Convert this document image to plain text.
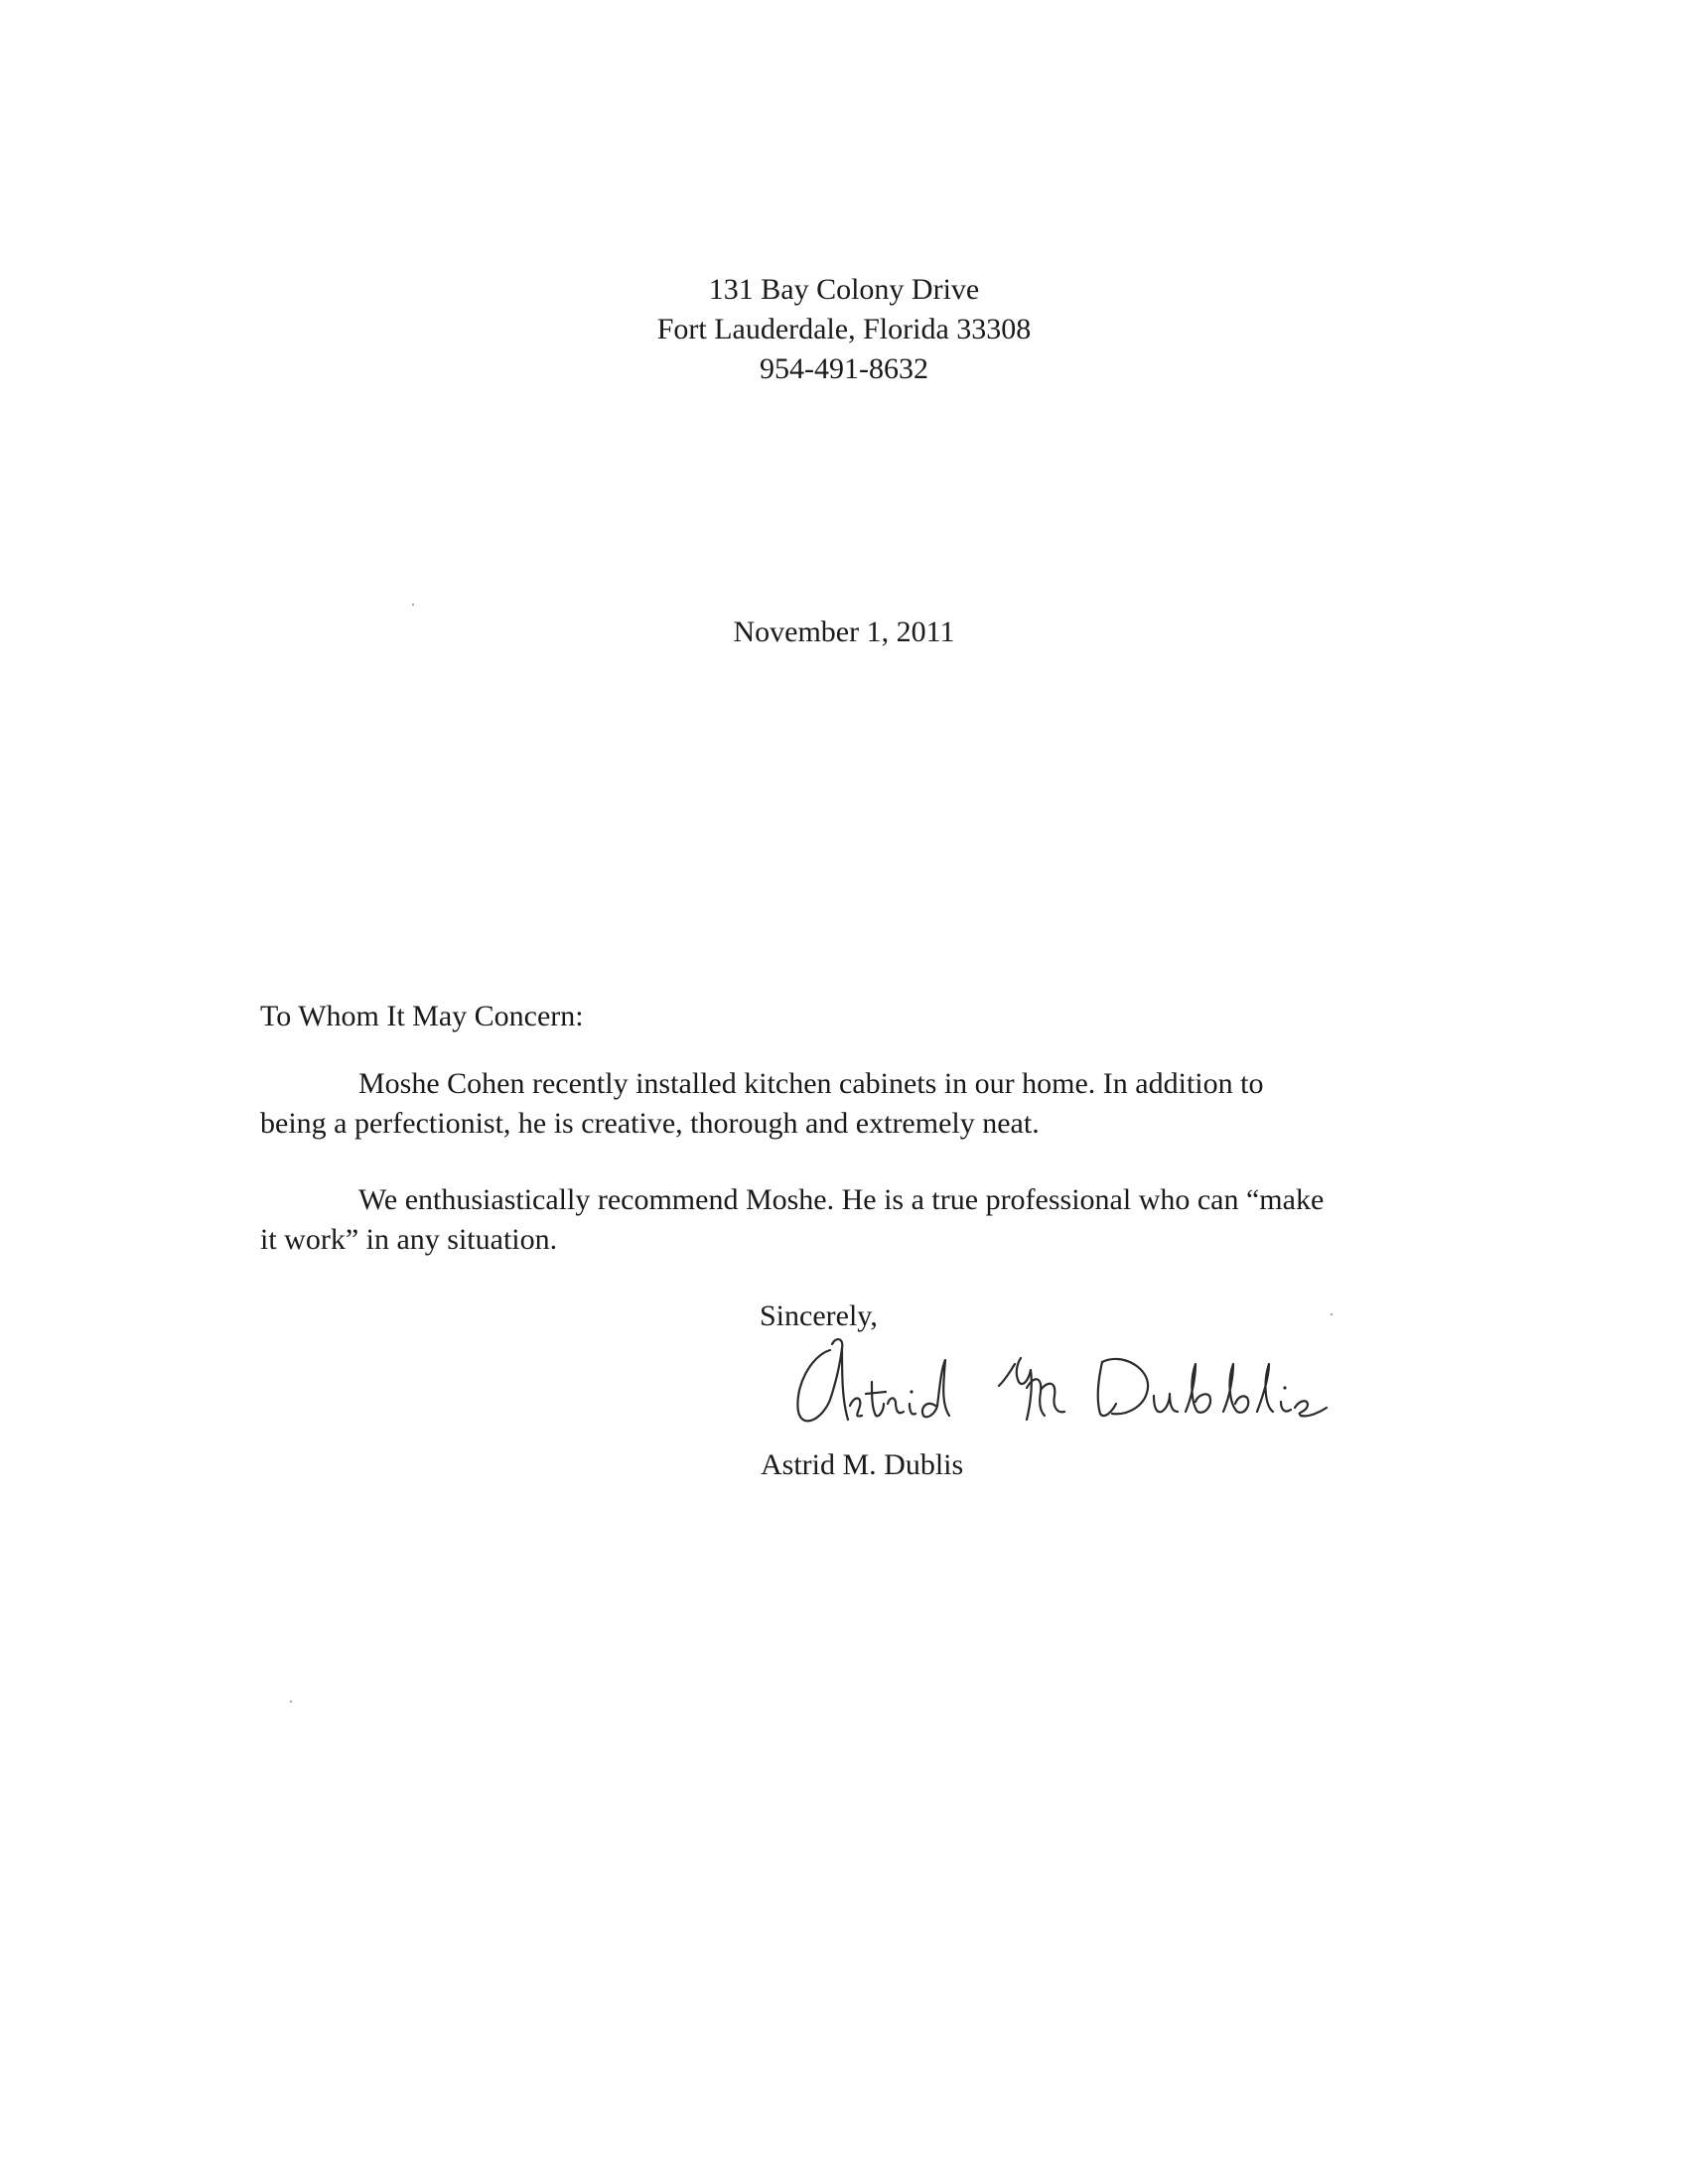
131 Bay Colony Drive
Fort Lauderdale, Florida 33308
954-491-8632
November 1, 2011
To Whom It May Concern:
Moshe Cohen recently installed kitchen cabinets in our home. In addition to
being a perfectionist, he is creative, thorough and extremely neat.
We enthusiastically recommend Moshe. He is a true professional who can “make
it work” in any situation.
Sincerely,
Astrid M. Dublis
